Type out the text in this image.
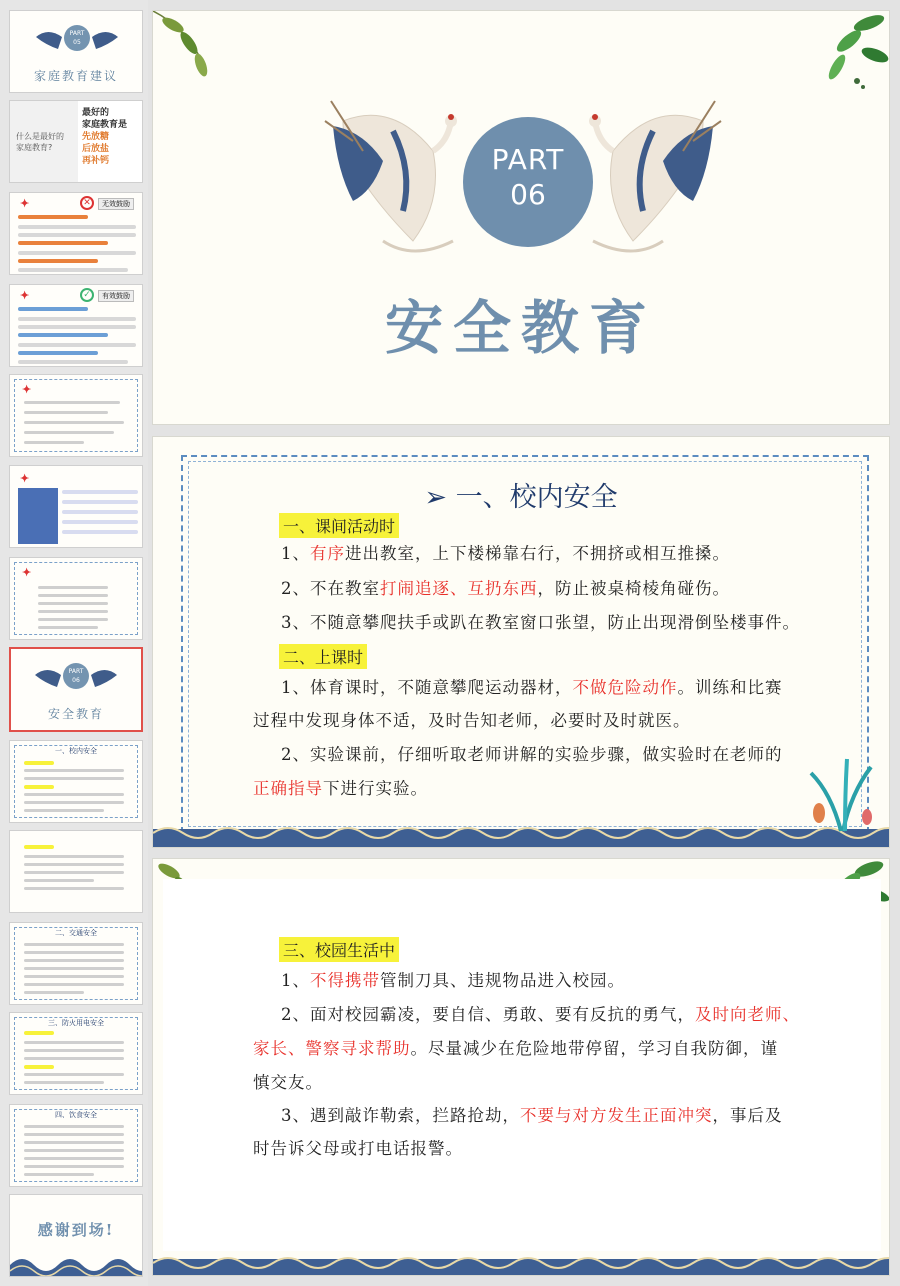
PART
05
家庭教育建议
什么是最好的家庭教育?
最好的
家庭教育是
先放糖
后放盐
再补钙
✦	✕	无效鼓励
✦	✓	有效鼓励
✦
✦
✦
PART
06
安全教育
一、校内安全
二、交通安全
三、防火用电安全
四、饮食安全
感谢到场!
PART
06
安全教育
➢ 一、校内安全
一、课间活动时
1、有序进出教室，上下楼梯靠右行，不拥挤或相互推搡。
2、不在教室打闹追逐、互扔东西，防止被桌椅棱角碰伤。
3、不随意攀爬扶手或趴在教室窗口张望，防止出现滑倒坠楼事件。
二、上课时
1、体育课时，不随意攀爬运动器材，不做危险动作。训练和比赛
过程中发现身体不适，及时告知老师，必要时及时就医。
2、实验课前，仔细听取老师讲解的实验步骤，做实验时在老师的
正确指导下进行实验。
三、校园生活中
1、不得携带管制刀具、违规物品进入校园。
2、面对校园霸凌，要自信、勇敢、要有反抗的勇气，及时向老师、
家长、警察寻求帮助。尽量减少在危险地带停留，学习自我防御，谨
慎交友。
3、遇到敲诈勒索，拦路抢劫，不要与对方发生正面冲突，事后及
时告诉父母或打电话报警。
